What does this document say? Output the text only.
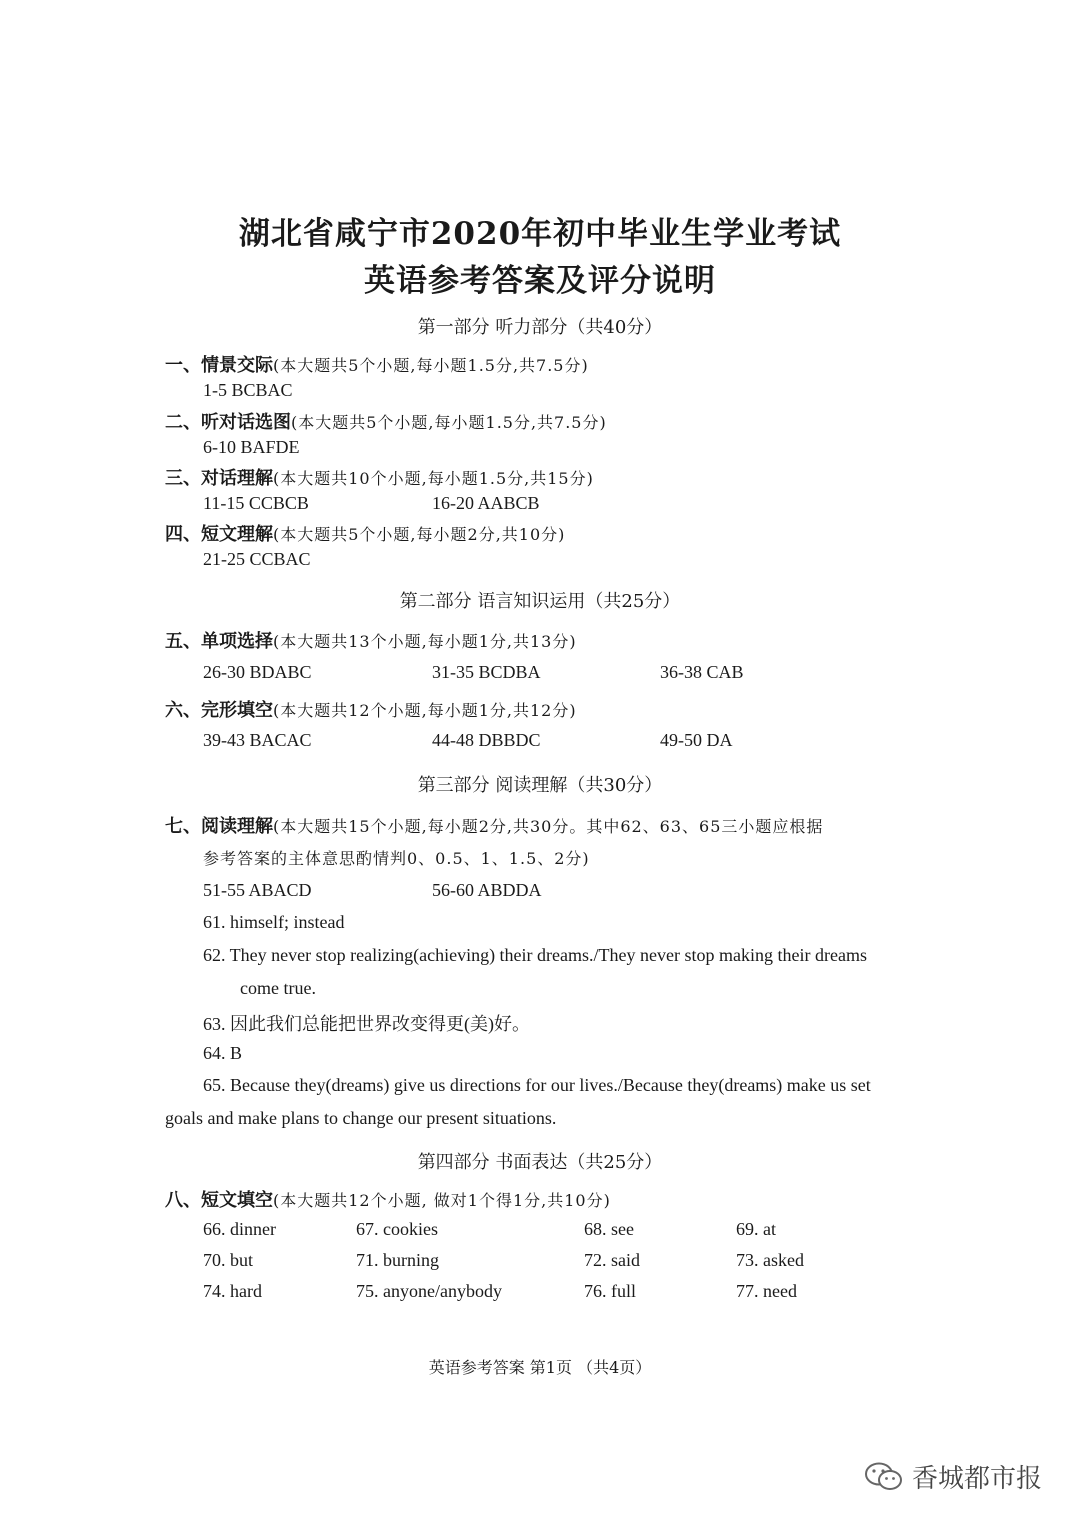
湖北省咸宁市2020年初中毕业生学业考试
英语参考答案及评分说明
第一部分 听力部分（共40分）
一、情景交际(本大题共5个小题,每小题1.5分,共7.5分)
1-5 BCBAC
二、听对话选图(本大题共5个小题,每小题1.5分,共7.5分)
6-10 BAFDE
三、对话理解(本大题共10个小题,每小题1.5分,共15分)
11-15 CCBCB	16-20 AABCB
四、短文理解(本大题共5个小题,每小题2分,共10分)
21-25 CCBAC
第二部分 语言知识运用（共25分）
五、单项选择(本大题共13个小题,每小题1分,共13分)
26-30 BDABC	31-35 BCDBA	36-38 CAB
六、完形填空(本大题共12个小题,每小题1分,共12分)
39-43 BACAC	44-48 DBBDC	49-50 DA
第三部分 阅读理解（共30分）
七、阅读理解(本大题共15个小题,每小题2分,共30分。其中62、63、65三小题应根据
参考答案的主体意思酌情判0、0.5、1、1.5、2分)
51-55 ABACD	56-60 ABDDA
61. himself; instead
62. They never stop realizing(achieving) their dreams./They never stop making their dreams
come true.
63. 因此我们总能把世界改变得更(美)好。
64. B
65. Because they(dreams) give us directions for our lives./Because they(dreams) make us set
goals and make plans to change our present situations.
第四部分 书面表达（共25分）
八、短文填空(本大题共12个小题, 做对1个得1分,共10分)
66. dinner	67. cookies	68. see	69. at
70. but	71. burning	72. said	73. asked
74. hard	75. anyone/anybody	76. full	77. need
英语参考答案 第1页 （共4页）
香城都市报
